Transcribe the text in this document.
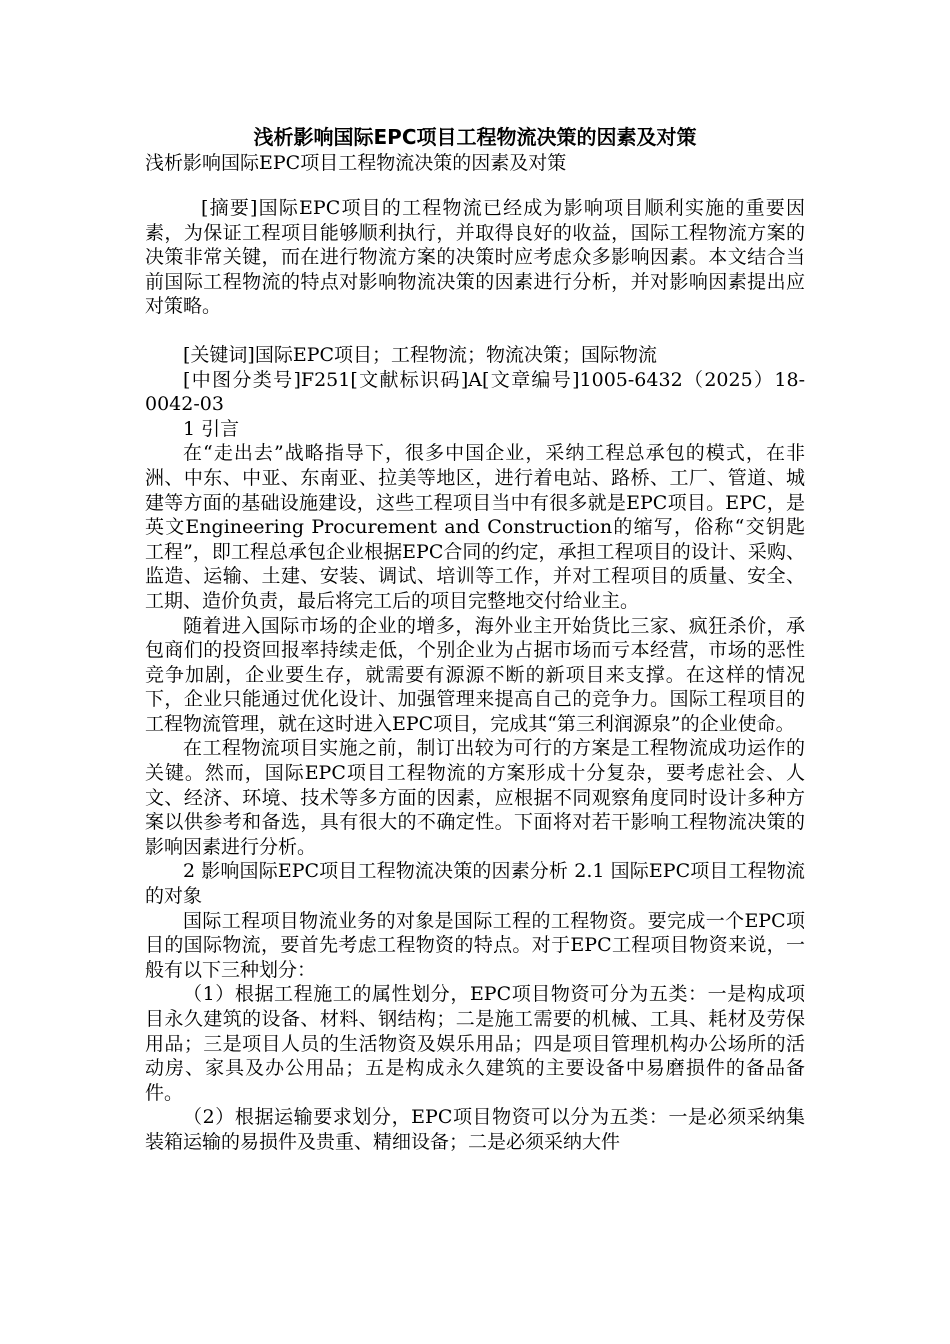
浅析影响国际EPC项目工程物流决策的因素及对策

浅析影响国际EPC项目工程物流决策的因素及对策

[摘要]国际EPC项目的工程物流已经成为影响项目顺利实施的重要因素，为保证工程项目能够顺利执行，并取得良好的收益，国际工程物流方案的决策非常关键，而在进行物流方案的决策时应考虑众多影响因素。本文结合当前国际工程物流的特点对影响物流决策的因素进行分析，并对影响因素提出应对策略。

[关键词]国际EPC项目；工程物流；物流决策；国际物流

[中图分类号]F251[文献标识码]A[文章编号]1005-6432（2025）18-0042-03

1 引言

在“走出去”战略指导下，很多中国企业，采纳工程总承包的模式，在非洲、中东、中亚、东南亚、拉美等地区，进行着电站、路桥、工厂、管道、城建等方面的基础设施建设，这些工程项目当中有很多就是EPC项目。EPC，是英文Engineering Procurement and Construction的缩写，俗称“交钥匙工程”，即工程总承包企业根据EPC合同的约定，承担工程项目的设计、采购、监造、运输、土建、安装、调试、培训等工作，并对工程项目的质量、安全、工期、造价负责，最后将完工后的项目完整地交付给业主。

随着进入国际市场的企业的增多，海外业主开始货比三家、疯狂杀价，承包商们的投资回报率持续走低，个别企业为占据市场而亏本经营，市场的恶性竞争加剧，企业要生存，就需要有源源不断的新项目来支撑。在这样的情况下，企业只能通过优化设计、加强管理来提高自己的竞争力。国际工程项目的工程物流管理，就在这时进入EPC项目，完成其“第三利润源泉”的企业使命。

在工程物流项目实施之前，制订出较为可行的方案是工程物流成功运作的关键。然而，国际EPC项目工程物流的方案形成十分复杂，要考虑社会、人文、经济、环境、技术等多方面的因素，应根据不同观察角度同时设计多种方案以供参考和备选，具有很大的不确定性。下面将对若干影响工程物流决策的影响因素进行分析。

2 影响国际EPC项目工程物流决策的因素分析 2.1 国际EPC项目工程物流的对象

国际工程项目物流业务的对象是国际工程的工程物资。要完成一个EPC项目的国际物流，要首先考虑工程物资的特点。对于EPC工程项目物资来说，一般有以下三种划分：

（1）根据工程施工的属性划分，EPC项目物资可分为五类：一是构成项目永久建筑的设备、材料、钢结构；二是施工需要的机械、工具、耗材及劳保用品；三是项目人员的生活物资及娱乐用品；四是项目管理机构办公场所的活动房、家具及办公用品；五是构成永久建筑的主要设备中易磨损件的备品备件。

（2）根据运输要求划分，EPC项目物资可以分为五类：一是必须采纳集装箱运输的易损件及贵重、精细设备；二是必须采纳大件
